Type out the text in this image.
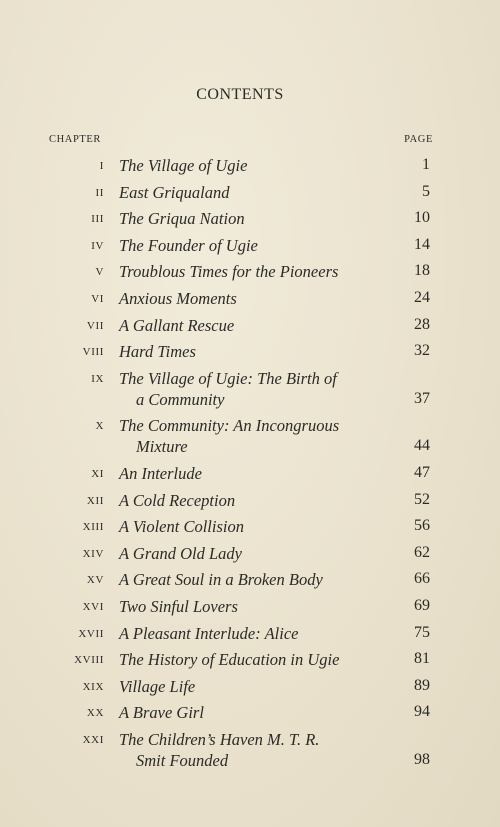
CONTENTS
CHAPTER	PAGE
I The Village of Ugie	1
II East Griqualand	5
III The Griqua Nation	10
IV The Founder of Ugie	14
V Troublous Times for the Pioneers	18
VI Anxious Moments	24
VII A Gallant Rescue	28
VIII Hard Times	32
IX The Village of Ugie: The Birth of
a Community	37
X The Community: An Incongruous
Mixture	44
XI An Interlude	47
XII A Cold Reception	52
XIII A Violent Collision	56
XIV A Grand Old Lady	62
XV A Great Soul in a Broken Body	66
XVI Two Sinful Lovers	69
XVII A Pleasant Interlude: Alice	75
XVIII The History of Education in Ugie	81
XIX Village Life	89
XX A Brave Girl	94
XXI The Children’s Haven M. T. R.
Smit Founded	98
